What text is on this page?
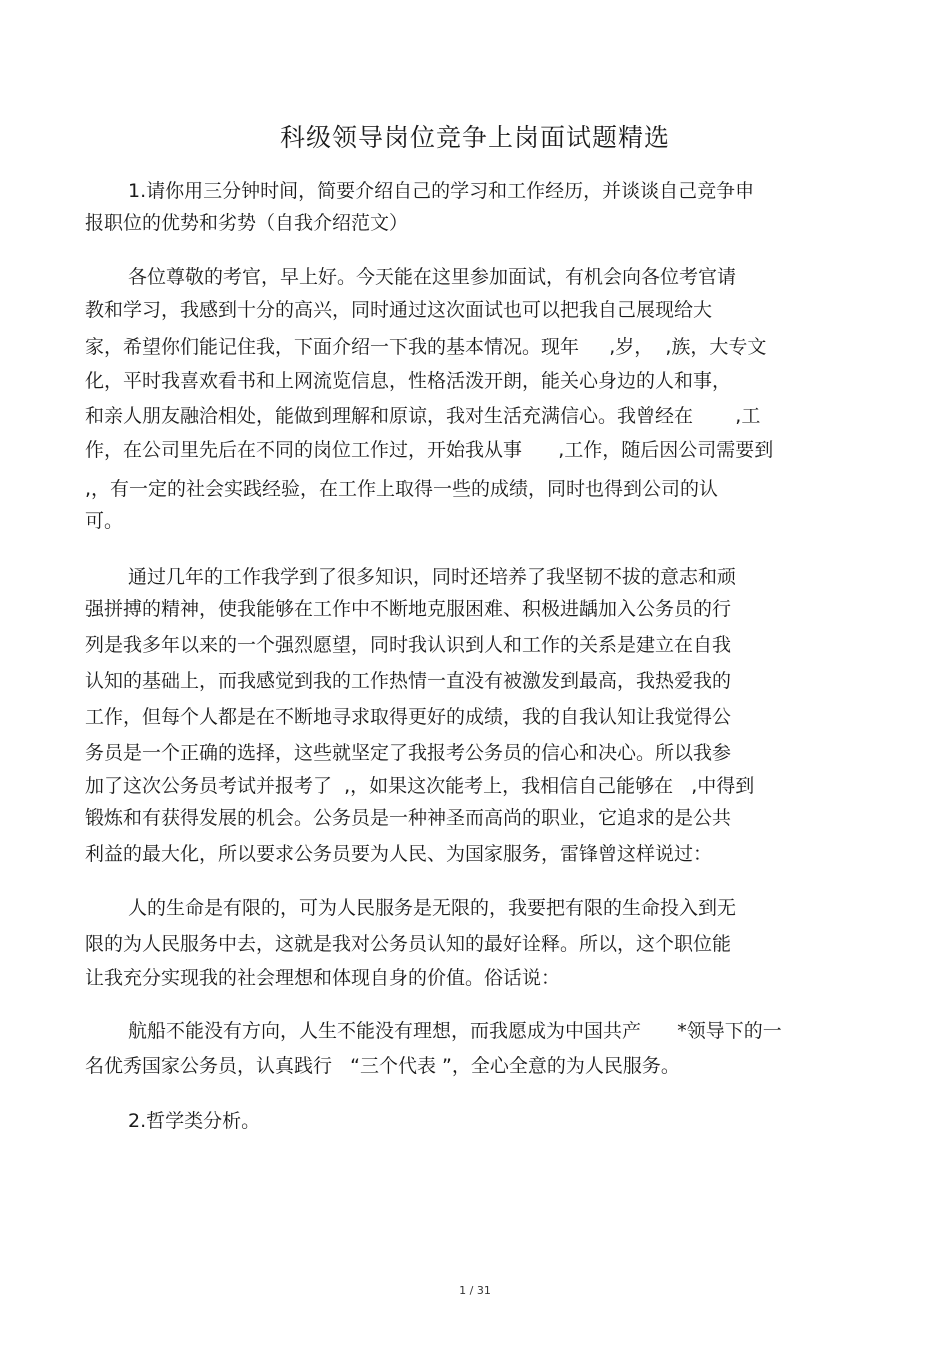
科级领导岗位竞争上岗面试题精选
1.请你用三分钟时间，简要介绍自己的学习和工作经历，并谈谈自己竞争申
报职位的优势和劣势（自我介绍范文）
各位尊敬的考官，早上好。今天能在这里参加面试，有机会向各位考官请
教和学习，我感到十分的高兴，同时通过这次面试也可以把我自己展现给大
家，希望你们能记住我，下面介绍一下我的基本情况。现年     ,岁，  ,族，大专文
化，平时我喜欢看书和上网流览信息，性格活泼开朗，能关心身边的人和事，
和亲人朋友融洽相处，能做到理解和原谅，我对生活充满信心。我曾经在       ,工
作，在公司里先后在不同的岗位工作过，开始我从事      ,工作，随后因公司需要到
,，有一定的社会实践经验，在工作上取得一些的成绩，同时也得到公司的认
可。
通过几年的工作我学到了很多知识，同时还培养了我坚韧不拔的意志和顽
强拼搏的精神，使我能够在工作中不断地克服困难、积极进龋加入公务员的行
列是我多年以来的一个强烈愿望，同时我认识到人和工作的关系是建立在自我
认知的基础上，而我感觉到我的工作热情一直没有被激发到最高，我热爱我的
工作，但每个人都是在不断地寻求取得更好的成绩，我的自我认知让我觉得公
务员是一个正确的选择，这些就坚定了我报考公务员的信心和决心。所以我参
加了这次公务员考试并报考了  ,，如果这次能考上，我相信自己能够在   ,中得到
锻炼和有获得发展的机会。公务员是一种神圣而高尚的职业，它追求的是公共
利益的最大化，所以要求公务员要为人民、为国家服务，雷锋曾这样说过：
人的生命是有限的，可为人民服务是无限的，我要把有限的生命投入到无
限的为人民服务中去，这就是我对公务员认知的最好诠释。所以，这个职位能
让我充分实现我的社会理想和体现自身的价值。俗话说：
航船不能没有方向，人生不能没有理想，而我愿成为中国共产      *领导下的一
名优秀国家公务员，认真践行   “三个代表 ”，全心全意的为人民服务。
2.哲学类分析。
1 / 31
